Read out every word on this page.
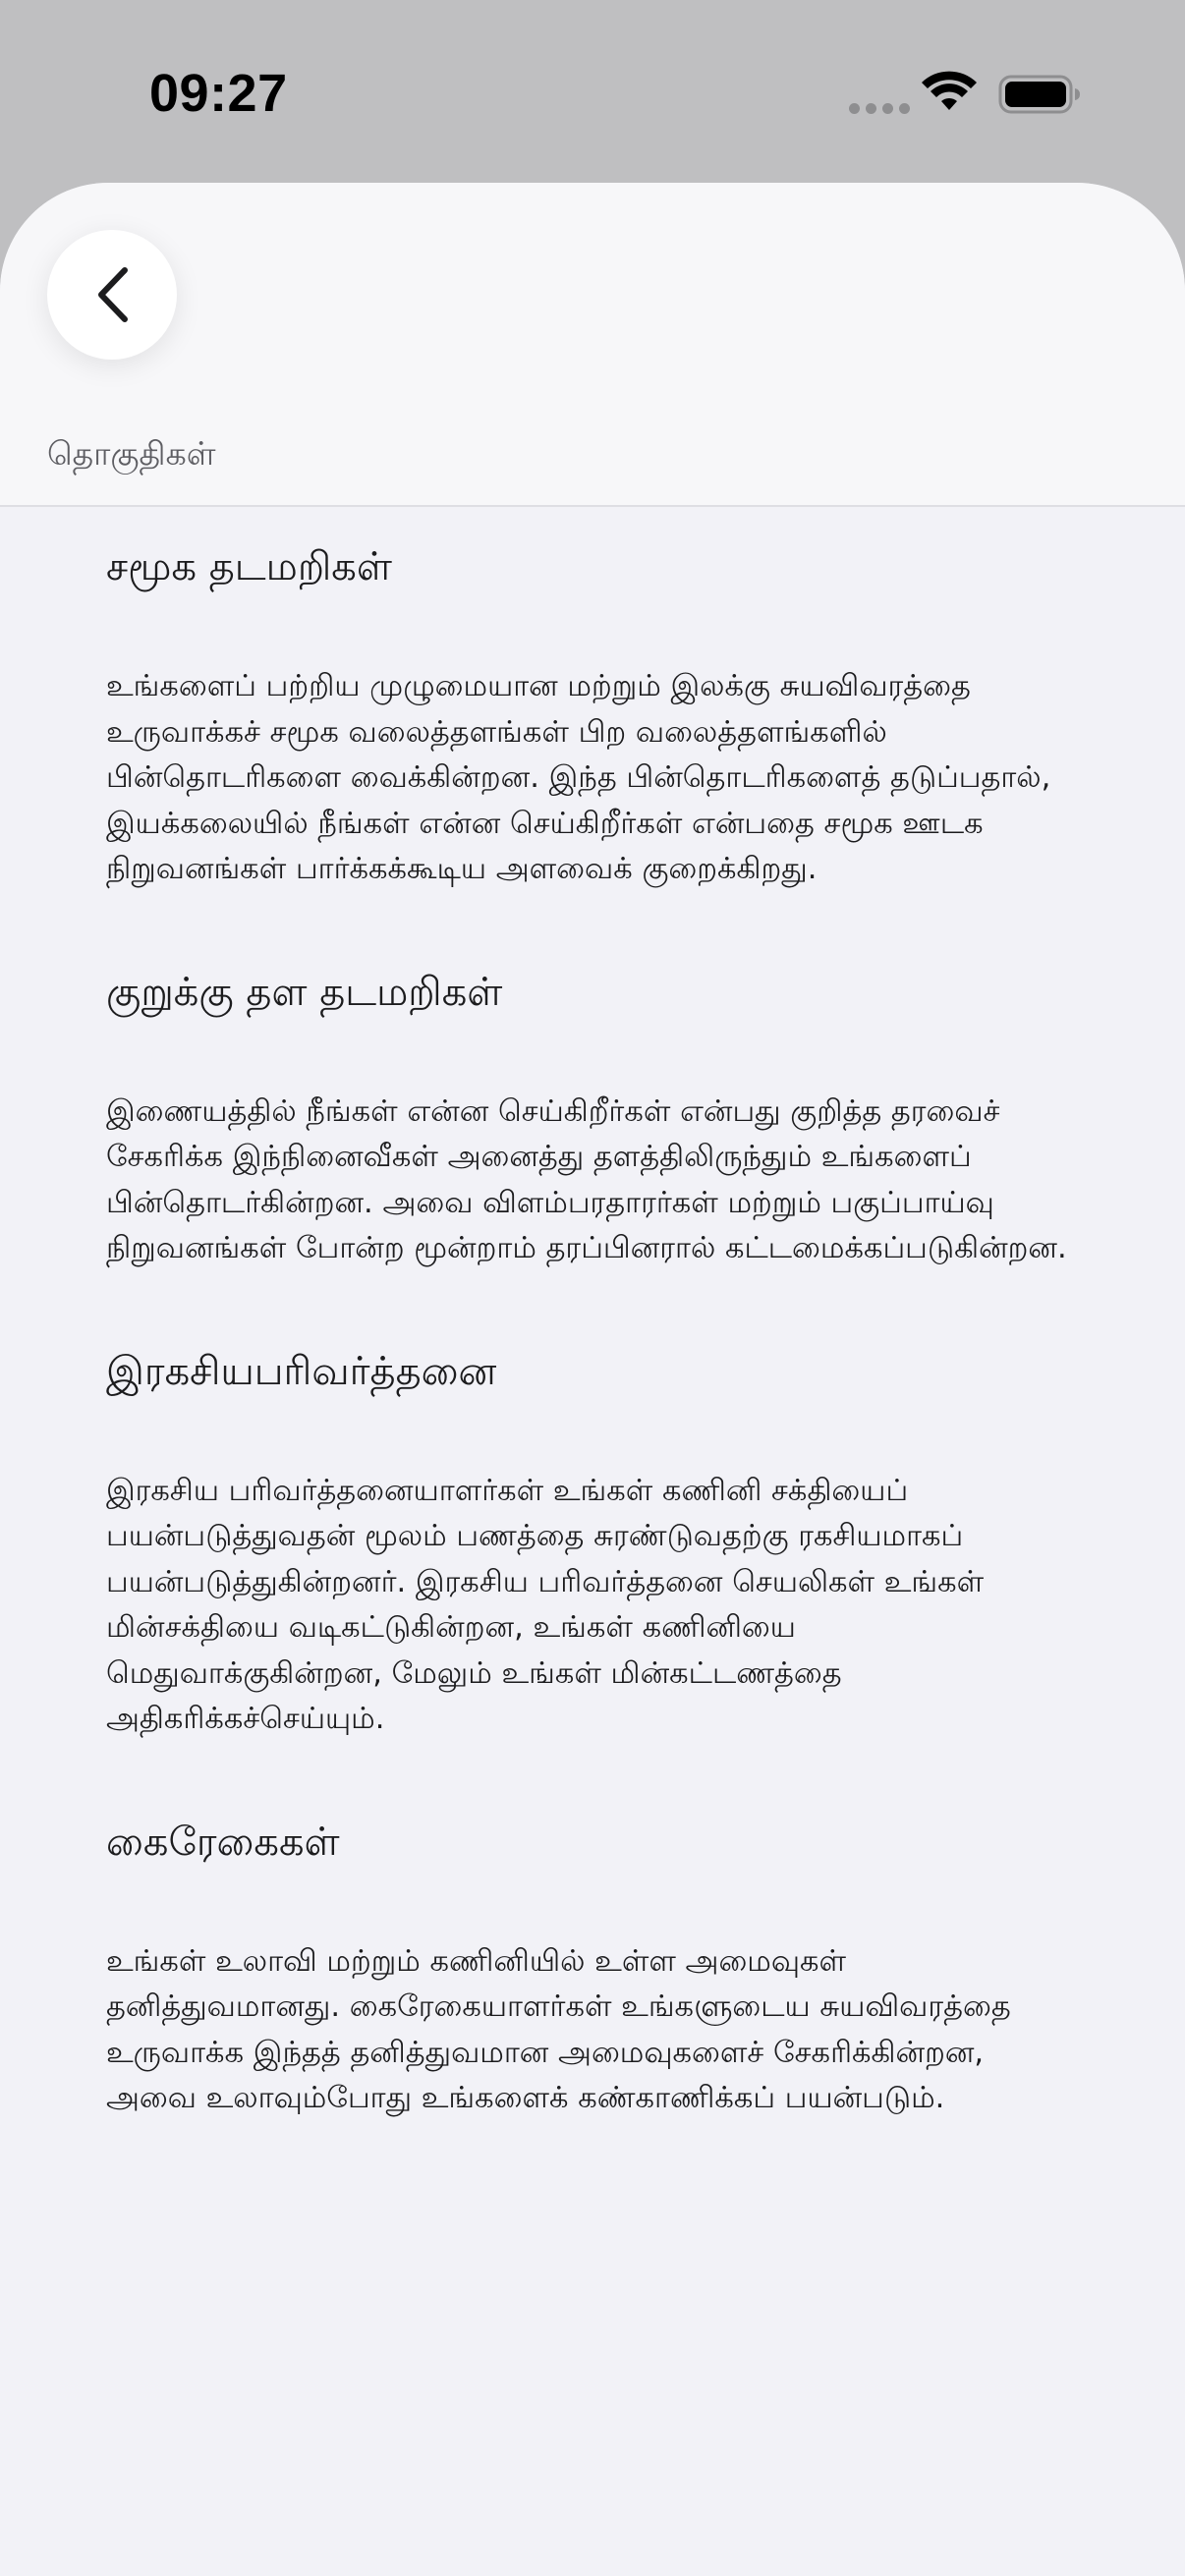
09:27
தொகுதிகள்
சமூக தடமறிகள்

உங்களைப் பற்றிய முழுமையான மற்றும் இலக்கு சுயவிவரத்தை உருவாக்கச் சமூக வலைத்தளங்கள் பிற வலைத்தளங்களில் பின்தொடரிகளை வைக்கின்றன. இந்த பின்தொடரிகளைத் தடுப்பதால், இயக்கலையில் நீங்கள் என்ன செய்கிறீர்கள் என்பதை சமூக ஊடக நிறுவனங்கள் பார்க்கக்கூடிய அளவைக் குறைக்கிறது.

குறுக்கு தள தடமறிகள்

இணையத்தில் நீங்கள் என்ன செய்கிறீர்கள் என்பது குறித்த தரவைச் சேகரிக்க இந்நினைவீகள் அனைத்து தளத்திலிருந்தும் உங்களைப் பின்தொடர்கின்றன. அவை விளம்பரதாரர்கள் மற்றும் பகுப்பாய்வு நிறுவனங்கள் போன்ற மூன்றாம் தரப்பினரால் கட்டமைக்கப்படுகின்றன.

இரகசியபரிவர்த்தனை

இரகசிய பரிவர்த்தனையாளர்கள் உங்கள் கணினி சக்தியைப் பயன்படுத்துவதன் மூலம் பணத்தை சுரண்டுவதற்கு ரகசியமாகப் பயன்படுத்துகின்றனர். இரகசிய பரிவர்த்தனை செயலிகள் உங்கள் மின்சக்தியை வடிகட்டுகின்றன, உங்கள் கணினியை மெதுவாக்குகின்றன, மேலும் உங்கள் மின்கட்டணத்தை அதிகரிக்கச்செய்யும்.

கைரேகைகள்

உங்கள் உலாவி மற்றும் கணினியில் உள்ள அமைவுகள் தனித்துவமானது. கைரேகையாளர்கள் உங்களுடைய சுயவிவரத்தை உருவாக்க இந்தத் தனித்துவமான அமைவுகளைச் சேகரிக்கின்றன, அவை உலாவும்போது உங்களைக் கண்காணிக்கப் பயன்படும்.
